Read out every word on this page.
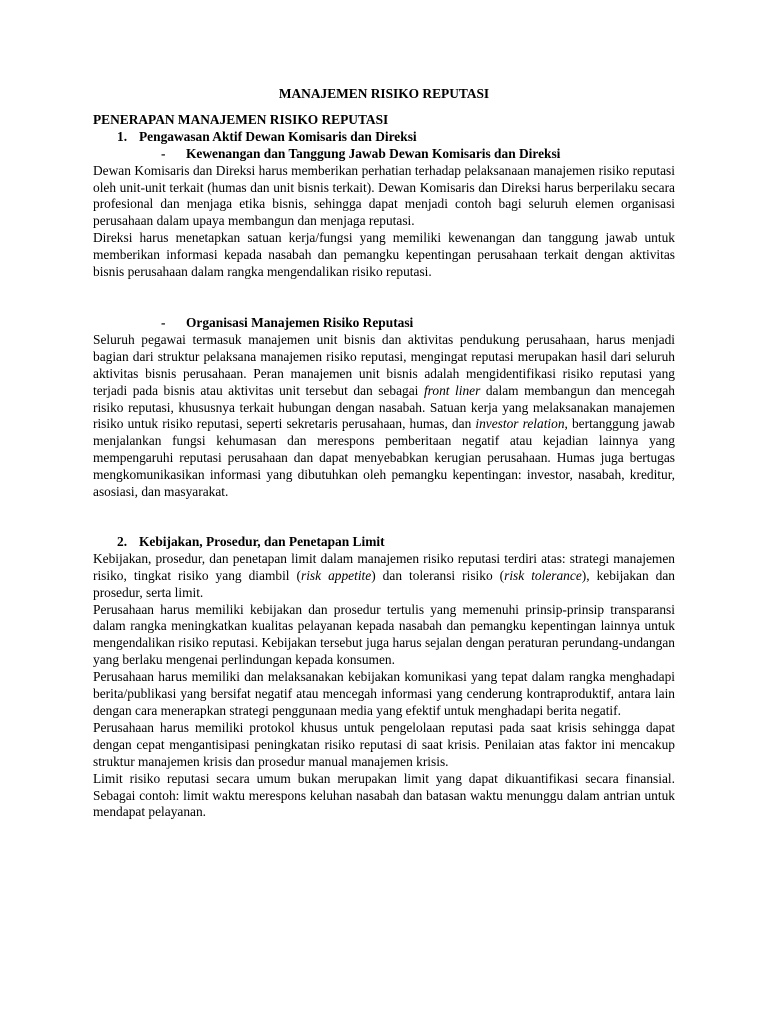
MANAJEMEN RISIKO REPUTASI
PENERAPAN MANAJEMEN RISIKO REPUTASI
1. Pengawasan Aktif Dewan Komisaris dan Direksi
- Kewenangan dan Tanggung Jawab Dewan Komisaris dan Direksi

Dewan Komisaris dan Direksi harus memberikan perhatian terhadap pelaksanaan manajemen risiko reputasi oleh unit-unit terkait (humas dan unit bisnis terkait). Dewan Komisaris dan Direksi harus berperilaku secara profesional dan menjaga etika bisnis, sehingga dapat menjadi contoh bagi seluruh elemen organisasi perusahaan dalam upaya membangun dan menjaga reputasi.

Direksi harus menetapkan satuan kerja/fungsi yang memiliki kewenangan dan tanggung jawab untuk memberikan informasi kepada nasabah dan pemangku kepentingan perusahaan terkait dengan aktivitas bisnis perusahaan dalam rangka mengendalikan risiko reputasi.

- Organisasi Manajemen Risiko Reputasi

Seluruh pegawai termasuk manajemen unit bisnis dan aktivitas pendukung perusahaan, harus menjadi bagian dari struktur pelaksana manajemen risiko reputasi, mengingat reputasi merupakan hasil dari seluruh aktivitas bisnis perusahaan. Peran manajemen unit bisnis adalah mengidentifikasi risiko reputasi yang terjadi pada bisnis atau aktivitas unit tersebut dan sebagai front liner dalam membangun dan mencegah risiko reputasi, khususnya terkait hubungan dengan nasabah. Satuan kerja yang melaksanakan manajemen risiko untuk risiko reputasi, seperti sekretaris perusahaan, humas, dan investor relation, bertanggung jawab menjalankan fungsi kehumasan dan merespons pemberitaan negatif atau kejadian lainnya yang mempengaruhi reputasi perusahaan dan dapat menyebabkan kerugian perusahaan. Humas juga bertugas mengkomunikasikan informasi yang dibutuhkan oleh pemangku kepentingan: investor, nasabah, kreditur, asosiasi, dan masyarakat.

2. Kebijakan, Prosedur, dan Penetapan Limit

Kebijakan, prosedur, dan penetapan limit dalam manajemen risiko reputasi terdiri atas: strategi manajemen risiko, tingkat risiko yang diambil (risk appetite) dan toleransi risiko (risk tolerance), kebijakan dan prosedur, serta limit.

Perusahaan harus memiliki kebijakan dan prosedur tertulis yang memenuhi prinsip-prinsip transparansi dalam rangka meningkatkan kualitas pelayanan kepada nasabah dan pemangku kepentingan lainnya untuk mengendalikan risiko reputasi. Kebijakan tersebut juga harus sejalan dengan peraturan perundang-undangan yang berlaku mengenai perlindungan kepada konsumen.

Perusahaan harus memiliki dan melaksanakan kebijakan komunikasi yang tepat dalam rangka menghadapi berita/publikasi yang bersifat negatif atau mencegah informasi yang cenderung kontraproduktif, antara lain dengan cara menerapkan strategi penggunaan media yang efektif untuk menghadapi berita negatif.

Perusahaan harus memiliki protokol khusus untuk pengelolaan reputasi pada saat krisis sehingga dapat dengan cepat mengantisipasi peningkatan risiko reputasi di saat krisis. Penilaian atas faktor ini mencakup struktur manajemen krisis dan prosedur manual manajemen krisis.

Limit risiko reputasi secara umum bukan merupakan limit yang dapat dikuantifikasi secara finansial. Sebagai contoh: limit waktu merespons keluhan nasabah dan batasan waktu menunggu dalam antrian untuk mendapat pelayanan.
